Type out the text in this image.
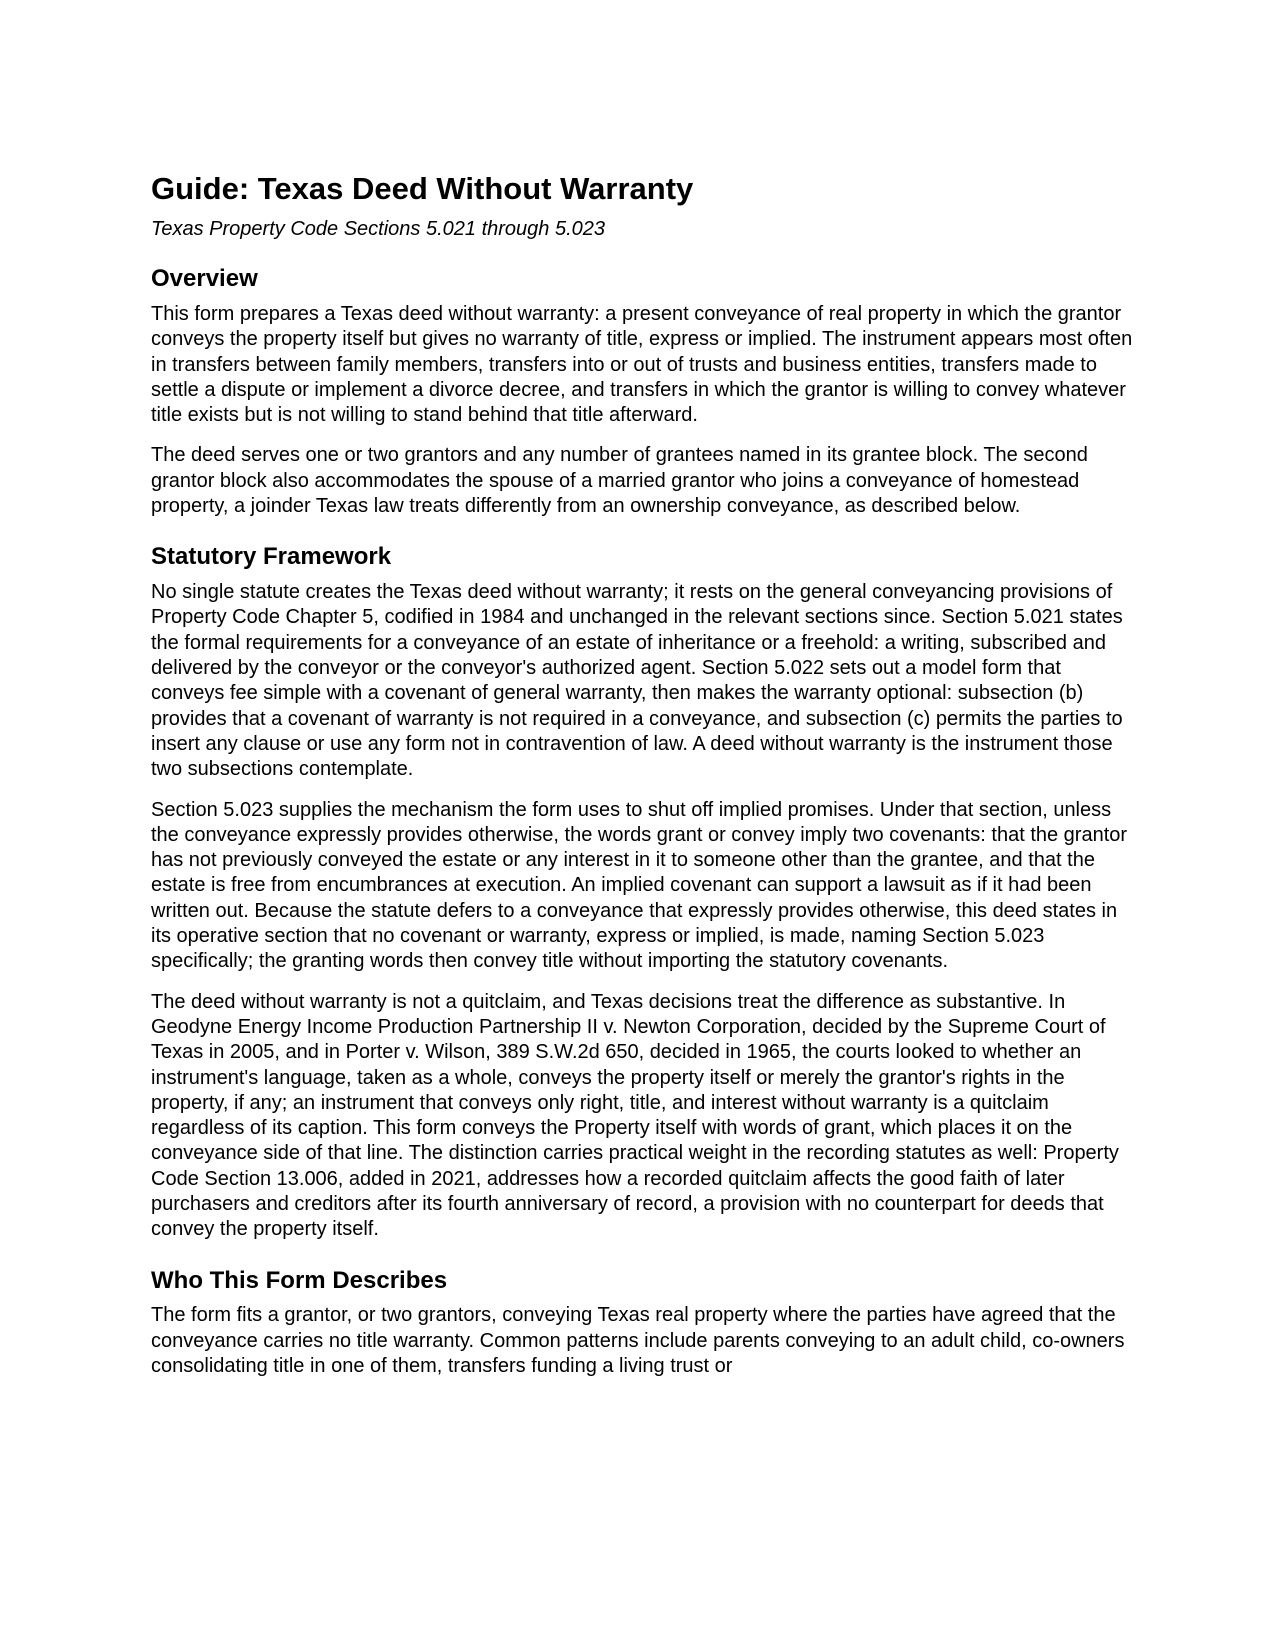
Guide: Texas Deed Without Warranty
Texas Property Code Sections 5.021 through 5.023
Overview

This form prepares a Texas deed without warranty: a present conveyance of real property in which the grantor conveys the property itself but gives no warranty of title, express or implied. The instrument appears most often in transfers between family members, transfers into or out of trusts and business entities, transfers made to settle a dispute or implement a divorce decree, and transfers in which the grantor is willing to convey whatever title exists but is not willing to stand behind that title afterward.

The deed serves one or two grantors and any number of grantees named in its grantee block. The second grantor block also accommodates the spouse of a married grantor who joins a conveyance of homestead property, a joinder Texas law treats differently from an ownership conveyance, as described below.

Statutory Framework

No single statute creates the Texas deed without warranty; it rests on the general conveyancing provisions of Property Code Chapter 5, codified in 1984 and unchanged in the relevant sections since. Section 5.021 states the formal requirements for a conveyance of an estate of inheritance or a freehold: a writing, subscribed and delivered by the conveyor or the conveyor's authorized agent. Section 5.022 sets out a model form that conveys fee simple with a covenant of general warranty, then makes the warranty optional: subsection (b) provides that a covenant of warranty is not required in a conveyance, and subsection (c) permits the parties to insert any clause or use any form not in contravention of law. A deed without warranty is the instrument those two subsections contemplate.

Section 5.023 supplies the mechanism the form uses to shut off implied promises. Under that section, unless the conveyance expressly provides otherwise, the words grant or convey imply two covenants: that the grantor has not previously conveyed the estate or any interest in it to someone other than the grantee, and that the estate is free from encumbrances at execution. An implied covenant can support a lawsuit as if it had been written out. Because the statute defers to a conveyance that expressly provides otherwise, this deed states in its operative section that no covenant or warranty, express or implied, is made, naming Section 5.023 specifically; the granting words then convey title without importing the statutory covenants.

The deed without warranty is not a quitclaim, and Texas decisions treat the difference as substantive. In Geodyne Energy Income Production Partnership II v. Newton Corporation, decided by the Supreme Court of Texas in 2005, and in Porter v. Wilson, 389 S.W.2d 650, decided in 1965, the courts looked to whether an instrument's language, taken as a whole, conveys the property itself or merely the grantor's rights in the property, if any; an instrument that conveys only right, title, and interest without warranty is a quitclaim regardless of its caption. This form conveys the Property itself with words of grant, which places it on the conveyance side of that line. The distinction carries practical weight in the recording statutes as well: Property Code Section 13.006, added in 2021, addresses how a recorded quitclaim affects the good faith of later purchasers and creditors after its fourth anniversary of record, a provision with no counterpart for deeds that convey the property itself.

Who This Form Describes

The form fits a grantor, or two grantors, conveying Texas real property where the parties have agreed that the conveyance carries no title warranty. Common patterns include parents conveying to an adult child, co-owners consolidating title in one of them, transfers funding a living trust or
